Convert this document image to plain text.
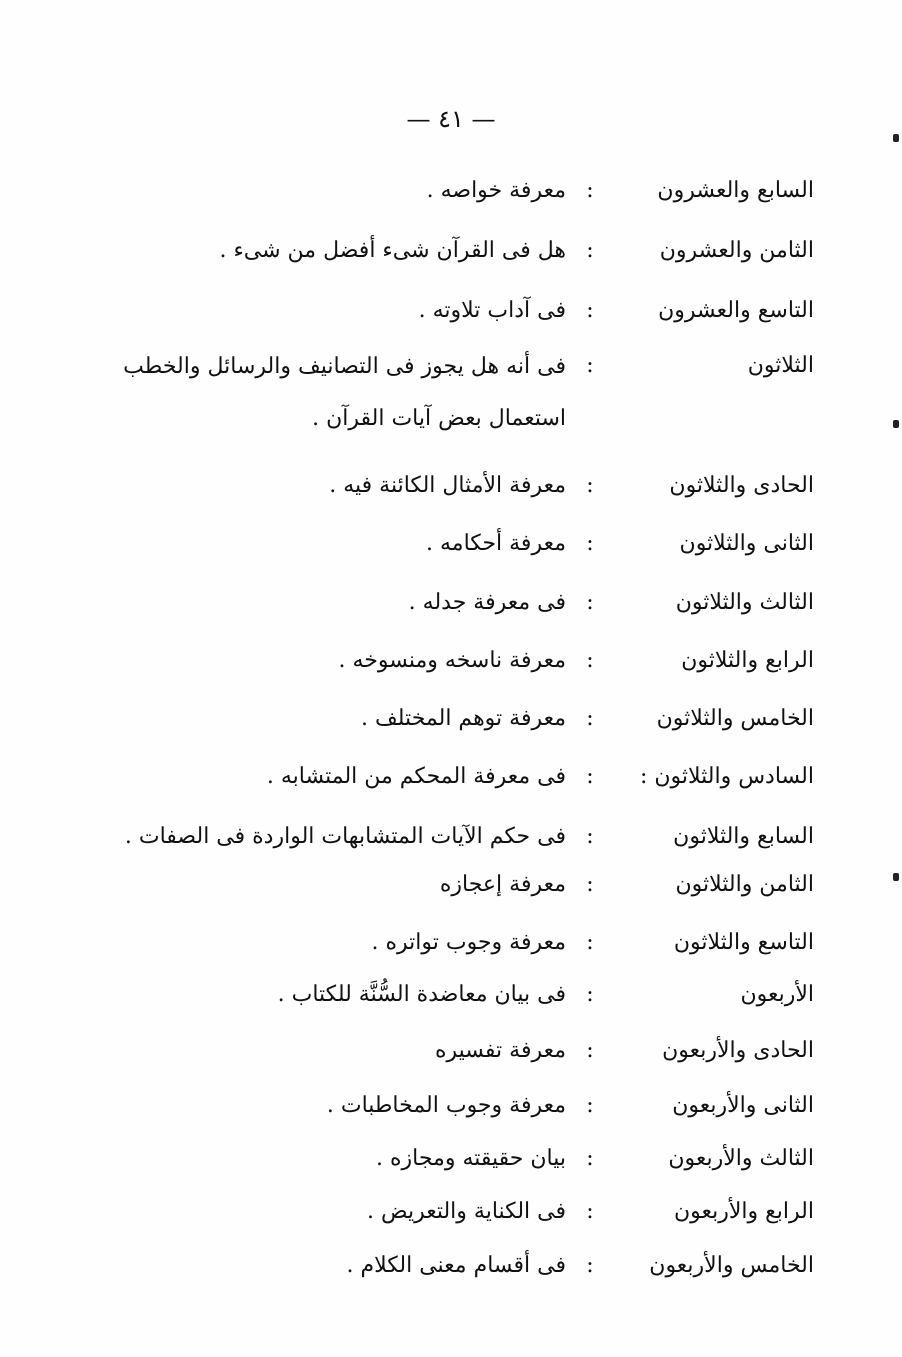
— ٤١ —
السابع والعشرون
:
معرفة خواصه .
الثامن والعشرون
:
هل فى القرآن شىء أفضل من شىء .
التاسع والعشرون
:
فى آداب تلاوته .
الثلاثون
:
فى أنه هل يجوز فى التصانيف والرسائل والخطب استعمال بعض آيات القرآن .
الحادى والثلاثون
:
معرفة الأمثال الكائنة فيه .
الثانى والثلاثون
:
معرفة أحكامه .
الثالث والثلاثون
:
فى معرفة جدله .
الرابع والثلاثون
:
معرفة ناسخه ومنسوخه .
الخامس والثلاثون
:
معرفة توهم المختلف .
السادس والثلاثون :
:
فى معرفة المحكم من المتشابه .
السابع والثلاثون
:
فى حكم الآيات المتشابهات الواردة فى الصفات .
الثامن والثلاثون
:
معرفة إعجازه
التاسع والثلاثون
:
معرفة وجوب تواتره .
الأربعون
:
فى بيان معاضدة السُّنَّة للكتاب .
الحادى والأربعون
:
معرفة تفسيره
الثانى والأربعون
:
معرفة وجوب المخاطبات .
الثالث والأربعون
:
بيان حقيقته ومجازه .
الرابع والأربعون
:
فى الكناية والتعريض .
الخامس والأربعون
:
فى أقسام معنى الكلام .
